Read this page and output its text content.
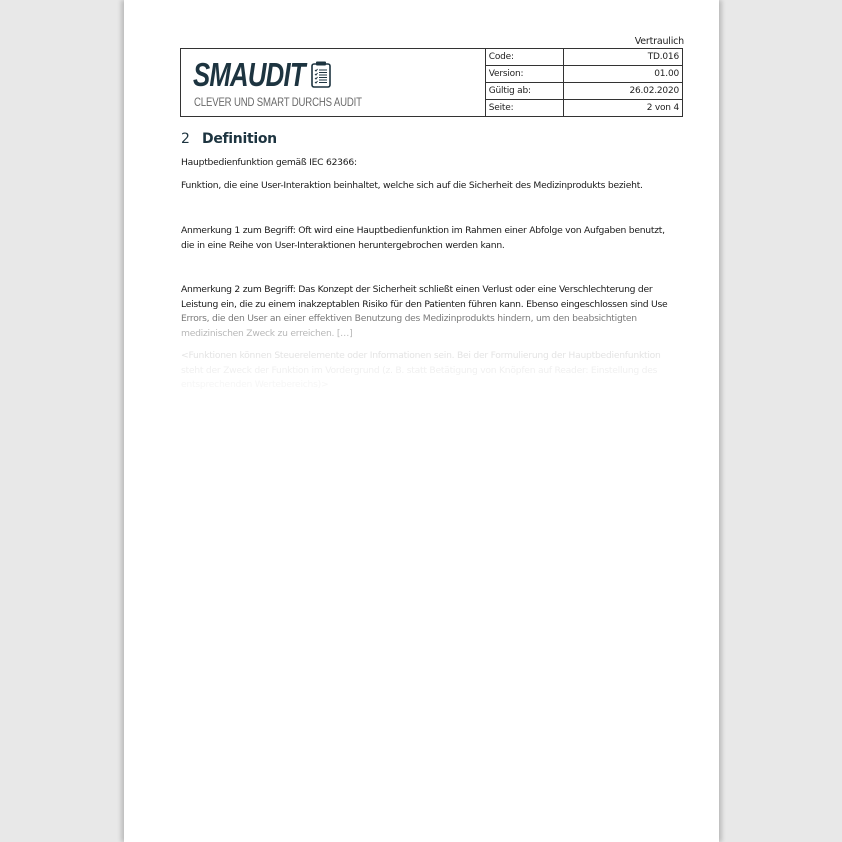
Vertraulich
SMAUDIT
CLEVER UND SMART DURCHS AUDIT
Code:	TD.016
Version:	01.00
Gültig ab:	26.02.2020
Seite:	2 von 4
2 Definition

Hauptbedienfunktion gemäß IEC 62366:

Funktion, die eine User-Interaktion beinhaltet, welche sich auf die Sicherheit des Medizinprodukts bezieht.

Anmerkung 1 zum Begriff: Oft wird eine Hauptbedienfunktion im Rahmen einer Abfolge von Aufgaben benutzt,

die in eine Reihe von User-Interaktionen heruntergebrochen werden kann.

Anmerkung 2 zum Begriff: Das Konzept der Sicherheit schließt einen Verlust oder eine Verschlechterung der

Leistung ein, die zu einem inakzeptablen Risiko für den Patienten führen kann. Ebenso eingeschlossen sind Use

Errors, die den User an einer effektiven Benutzung des Medizinprodukts hindern, um den beabsichtigten

medizinischen Zweck zu erreichen. […]

<Funktionen können Steuerelemente oder Informationen sein. Bei der Formulierung der Hauptbedienfunktion

steht der Zweck der Funktion im Vordergrund (z. B. statt Betätigung von Knöpfen auf Reader: Einstellung des

entsprechenden Wertebereichs)>
